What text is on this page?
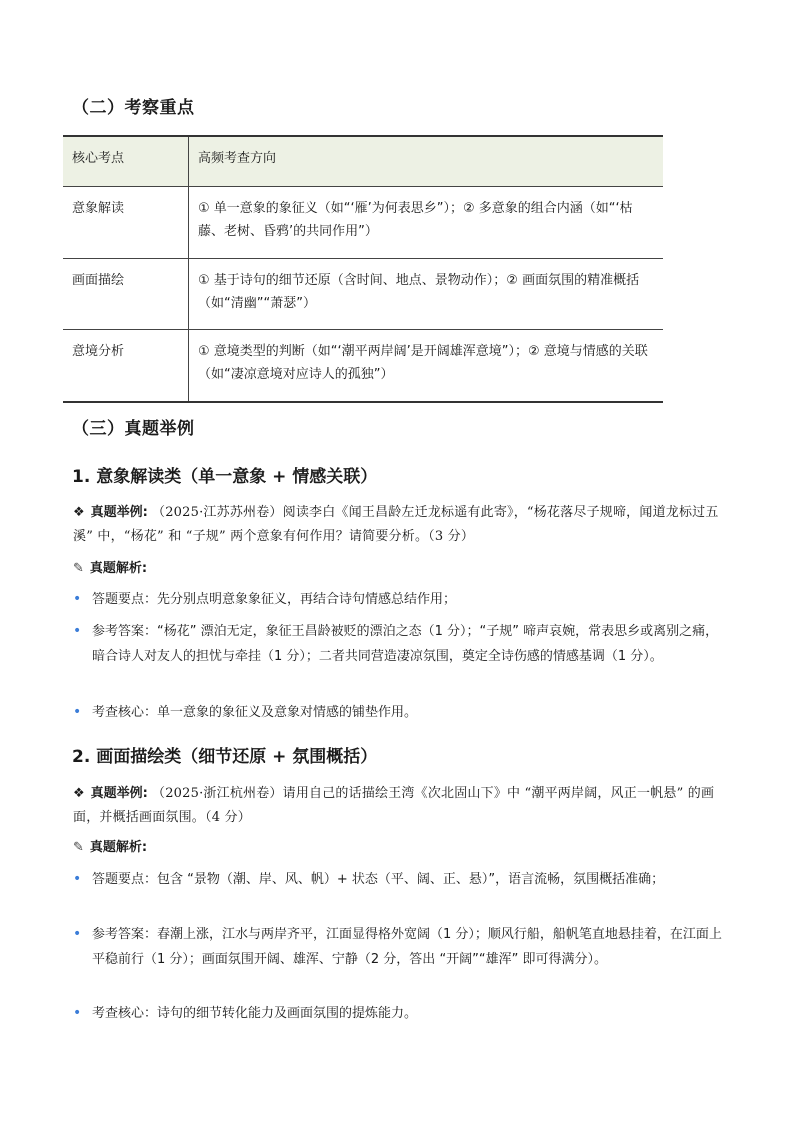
（二）考察重点
核心考点	高频考查方向
意象解读	① 单一意象的象征义（如“‘雁’为何表思乡”）；② 多意象的组合内涵（如“‘枯藤、老树、昏鸦’的共同作用”）
画面描绘	① 基于诗句的细节还原（含时间、地点、景物动作）；② 画面氛围的精准概括（如“清幽”“萧瑟”）
意境分析	① 意境类型的判断（如“‘潮平两岸阔’是开阔雄浑意境”）；② 意境与情感的关联（如“凄凉意境对应诗人的孤独”）
（三）真题举例
1. 意象解读类（单一意象 + 情感关联）
❖ 真题举例: （2025·江苏苏州卷）阅读李白《闻王昌龄左迁龙标遥有此寄》，“杨花落尽子规啼，闻道龙标过五溪” 中，“杨花” 和 “子规” 两个意象有何作用？请简要分析。（3 分）
✎ 真题解析:
• 答题要点：先分别点明意象象征义，再结合诗句情感总结作用；
• 参考答案：“杨花” 漂泊无定，象征王昌龄被贬的漂泊之态（1 分）；“子规” 啼声哀婉，常表思乡或离别之痛，暗合诗人对友人的担忧与牵挂（1 分）；二者共同营造凄凉氛围，奠定全诗伤感的情感基调（1 分）。
• 考查核心：单一意象的象征义及意象对情感的铺垫作用。
2. 画面描绘类（细节还原 + 氛围概括）
❖ 真题举例: （2025·浙江杭州卷）请用自己的话描绘王湾《次北固山下》中 “潮平两岸阔，风正一帆悬” 的画面，并概括画面氛围。（4 分）
✎ 真题解析:
• 答题要点：包含 “景物（潮、岸、风、帆）+ 状态（平、阔、正、悬）”，语言流畅，氛围概括准确；
• 参考答案：春潮上涨，江水与两岸齐平，江面显得格外宽阔（1 分）；顺风行船，船帆笔直地悬挂着，在江面上平稳前行（1 分）；画面氛围开阔、雄浑、宁静（2 分，答出 “开阔”“雄浑” 即可得满分）。
• 考查核心：诗句的细节转化能力及画面氛围的提炼能力。
